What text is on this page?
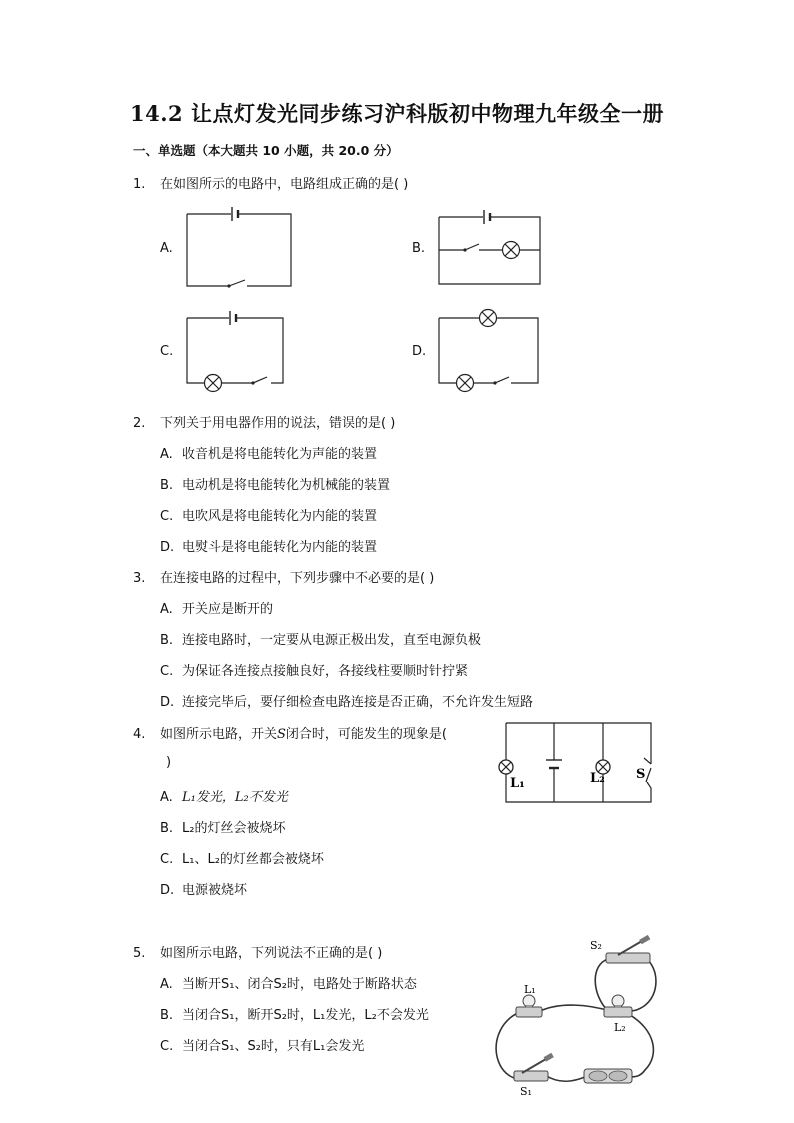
14.2 让点灯发光同步练习沪科版初中物理九年级全一册
一、单选题（本大题共 10 小题，共 20.0 分）
1. 在如图所示的电路中，电路组成正确的是( )
A.	B.
C.	D.
2. 下列关于用电器作用的说法，错误的是( )
A. 收音机是将电能转化为声能的装置
B. 电动机是将电能转化为机械能的装置
C. 电吹风是将电能转化为内能的装置
D. 电熨斗是将电能转化为内能的装置
3. 在连接电路的过程中，下列步骤中不必要的是( )
A. 开关应是断开的
B. 连接电路时，一定要从电源正极出发，直至电源负极
C. 为保证各连接点接触良好，各接线柱要顺时针拧紧
D. 连接完毕后，要仔细检查电路连接是否正确，不允许发生短路
4. 如图所示电路，开关S闭合时，可能发生的现象是(
)
A. L₁发光，L₂不发光
B. L₂的灯丝会被烧坏
C. L₁、L₂的灯丝都会被烧坏
D. 电源被烧坏
L₁	L₂ S
5. 如图所示电路，下列说法不正确的是( )
A. 当断开S₁、闭合S₂时，电路处于断路状态
B. 当闭合S₁，断开S₂时，L₁发光，L₂不会发光
C. 当闭合S₁、S₂时，只有L₁会发光
L₁
L₂
S₂
S₁
